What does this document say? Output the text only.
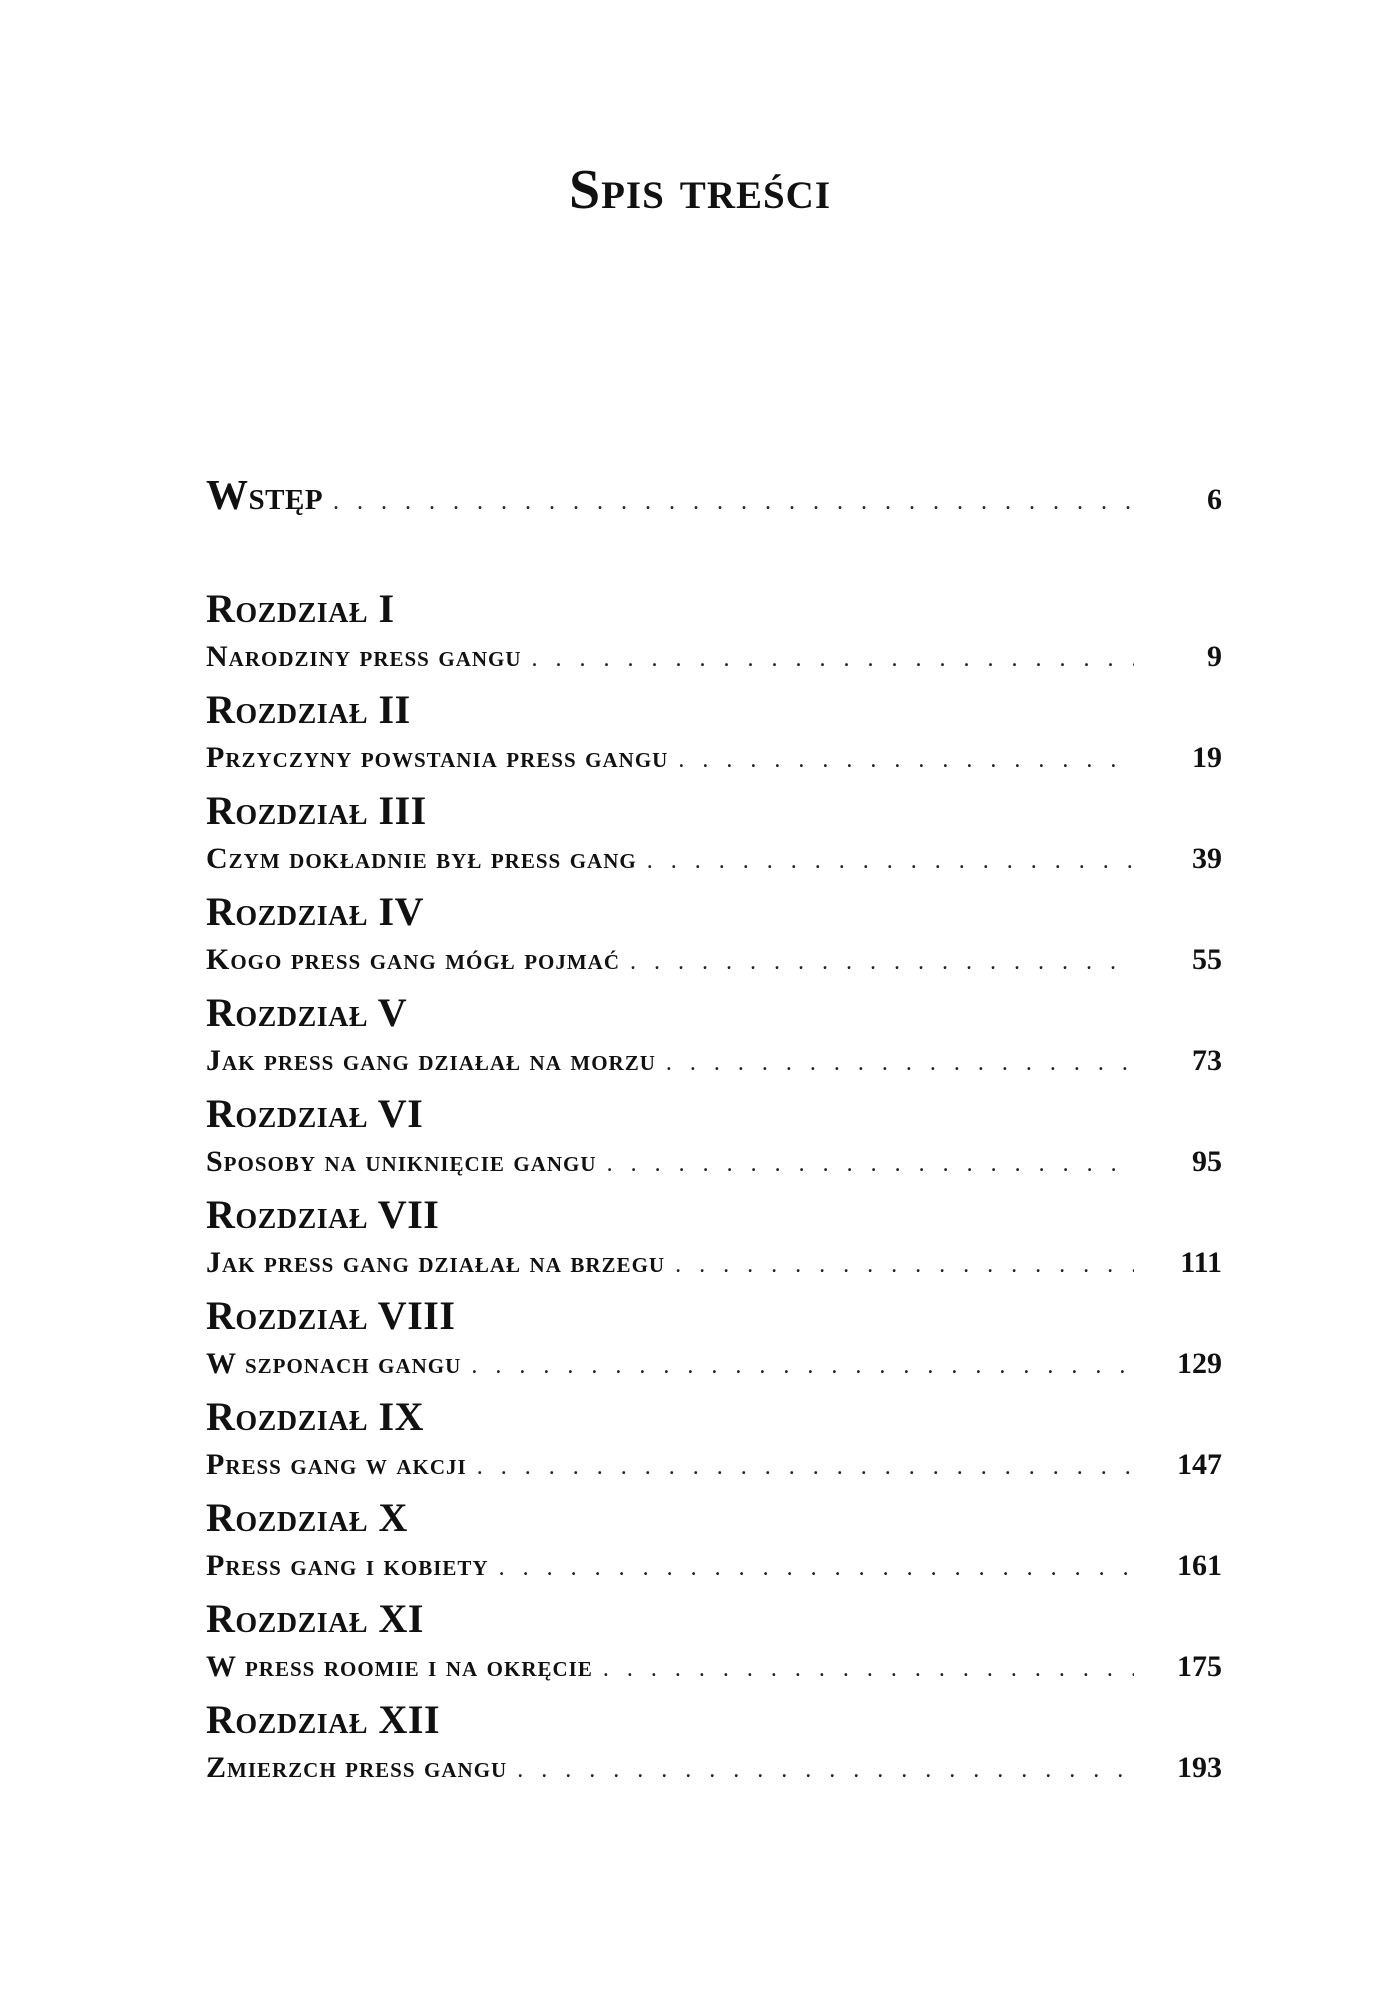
Spis treści
Wstęp . . .	6
Rozdział I
Narodziny press gangu . . .	9
Rozdział II
Przyczyny powstania press gangu . . .	19
Rozdział III
Czym dokładnie był press gang . . .	39
Rozdział IV
Kogo press gang mógł pojmać . . .	55
Rozdział V
Jak press gang działał na morzu . . .	73
Rozdział VI
Sposoby na uniknięcie gangu . . .	95
Rozdział VII
Jak press gang działał na brzegu . . .	111
Rozdział VIII
W szponach gangu . . .	129
Rozdział IX
Press gang w akcji . . .	147
Rozdział X
Press gang i kobiety . . .	161
Rozdział XI
W press roomie i na okręcie . . .	175
Rozdział XII
Zmierzch press gangu . . .	193
